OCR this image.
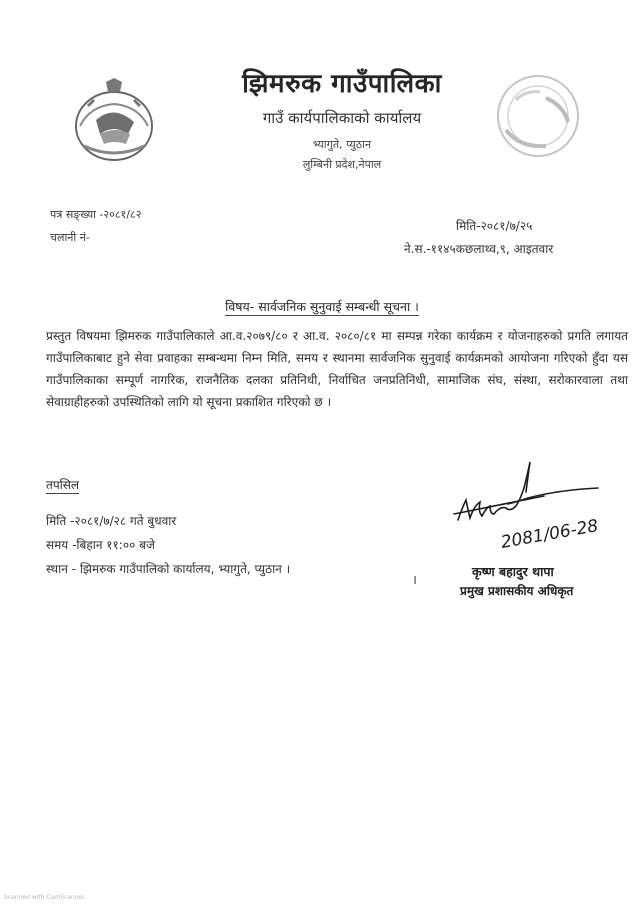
झिमरुक गाउँपालिका
गाउँ कार्यपालिकाको कार्यालय
भ्यागुते, प्युठान
लुम्बिनी प्रदेश,नेपाल
पत्र सङ्ख्या -२०८१/८२
चलानी नं-
मिति-२०८१/७/२५
ने.स.-११४५कछलाथ्व,९, आइतवार
विषय- सार्वजनिक सुनुवाई सम्बन्धी सूचना ।
प्रस्तुत विषयमा झिमरुक गाउँपालिकाले आ.व.२०७९/८० र आ.व. २०८०/८१ मा सम्पन्न गरेका कार्यक्रम र योजनाहरुको प्रगति लगायत गाउँपालिकाबाट हुने सेवा प्रवाहका सम्बन्धमा निम्न मिति, समय र स्थानमा सार्वजनिक सुनुवाई कार्यक्रमको आयोजना गरिएको हुँदा यस गाउँपालिकाका सम्पूर्ण नागरिक, राजनैतिक दलका प्रतिनिधी, निर्वाचित जनप्रतिनिधी, सामाजिक संघ, संस्था, सरोकारवाला तथा सेवाग्राहीहरुको उपस्थितिको लागि यो सूचना प्रकाशित गरिएको छ ।
तपसिल
मिति -२०८१/७/२८ गते बुधवार
समय -बिहान ११:०० बजे
स्थान - झिमरुक गाउँपालिको कार्यालय, भ्यागुते, प्युठान ।
।
2081/06-28
कृष्ण बहादुर थापा
प्रमुख प्रशासकीय अधिकृत
Scanned with CamScanner
